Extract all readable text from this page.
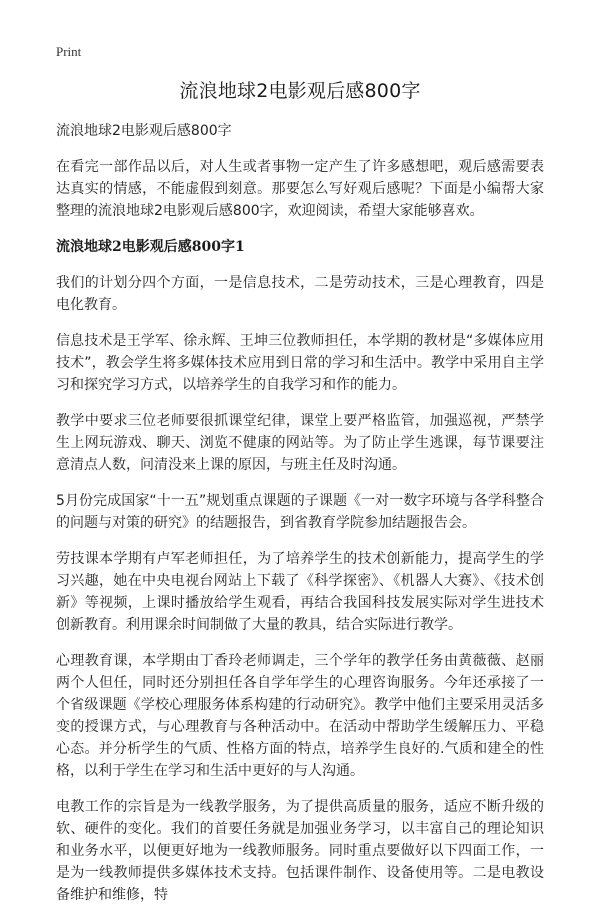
Print
流浪地球2电影观后感800字

流浪地球2电影观后感800字

在看完一部作品以后，对人生或者事物一定产生了许多感想吧，观后感需要表达真实的情感，不能虚假到刻意。那要怎么写好观后感呢？下面是小编帮大家整理的流浪地球2电影观后感800字，欢迎阅读，希望大家能够喜欢。

流浪地球2电影观后感800字1

我们的计划分四个方面，一是信息技术，二是劳动技术，三是心理教育，四是电化教育。

信息技术是王学军、徐永辉、王坤三位教师担任，本学期的教材是“多媒体应用技术”，教会学生将多媒体技术应用到日常的学习和生活中。教学中采用自主学习和探究学习方式，以培养学生的自我学习和作的能力。

教学中要求三位老师要很抓课堂纪律，课堂上要严格监管，加强巡视，严禁学生上网玩游戏、聊天、浏览不健康的网站等。为了防止学生逃课，每节课要注意清点人数，问清没来上课的原因，与班主任及时沟通。

5月份完成国家“十一五”规划重点课题的子课题《一对一数字环境与各学科整合的问题与对策的研究》的结题报告，到省教育学院参加结题报告会。

劳技课本学期有卢军老师担任，为了培养学生的技术创新能力，提高学生的学习兴趣，她在中央电视台网站上下载了《科学探密》、《机器人大赛》、《技术创新》等视频，上课时播放给学生观看，再结合我国科技发展实际对学生进技术创新教育。利用课余时间制做了大量的教具，结合实际进行教学。

心理教育课，本学期由丁香玲老师调走，三个学年的教学任务由黄薇薇、赵丽两个人但任，同时还分别担任各自学年学生的心理咨询服务。今年还承接了一个省级课题《学校心理服务体系构建的行动研究》。教学中他们主要采用灵活多变的授课方式，与心理教育与各种活动中。在活动中帮助学生缓解压力、平稳心态。并分析学生的气质、性格方面的特点，培养学生良好的.气质和建全的性格，以利于学生在学习和生活中更好的与人沟通。

电教工作的宗旨是为一线教学服务，为了提供高质量的服务，适应不断升级的软、硬件的变化。我们的首要任务就是加强业务学习，以丰富自己的理论知识和业务水平，以便更好地为一线教师服务。同时重点要做好以下四面工作，一是为一线教师提供多媒体技术支持。包括课件制作、设备使用等。二是电教设备维护和维修，特
